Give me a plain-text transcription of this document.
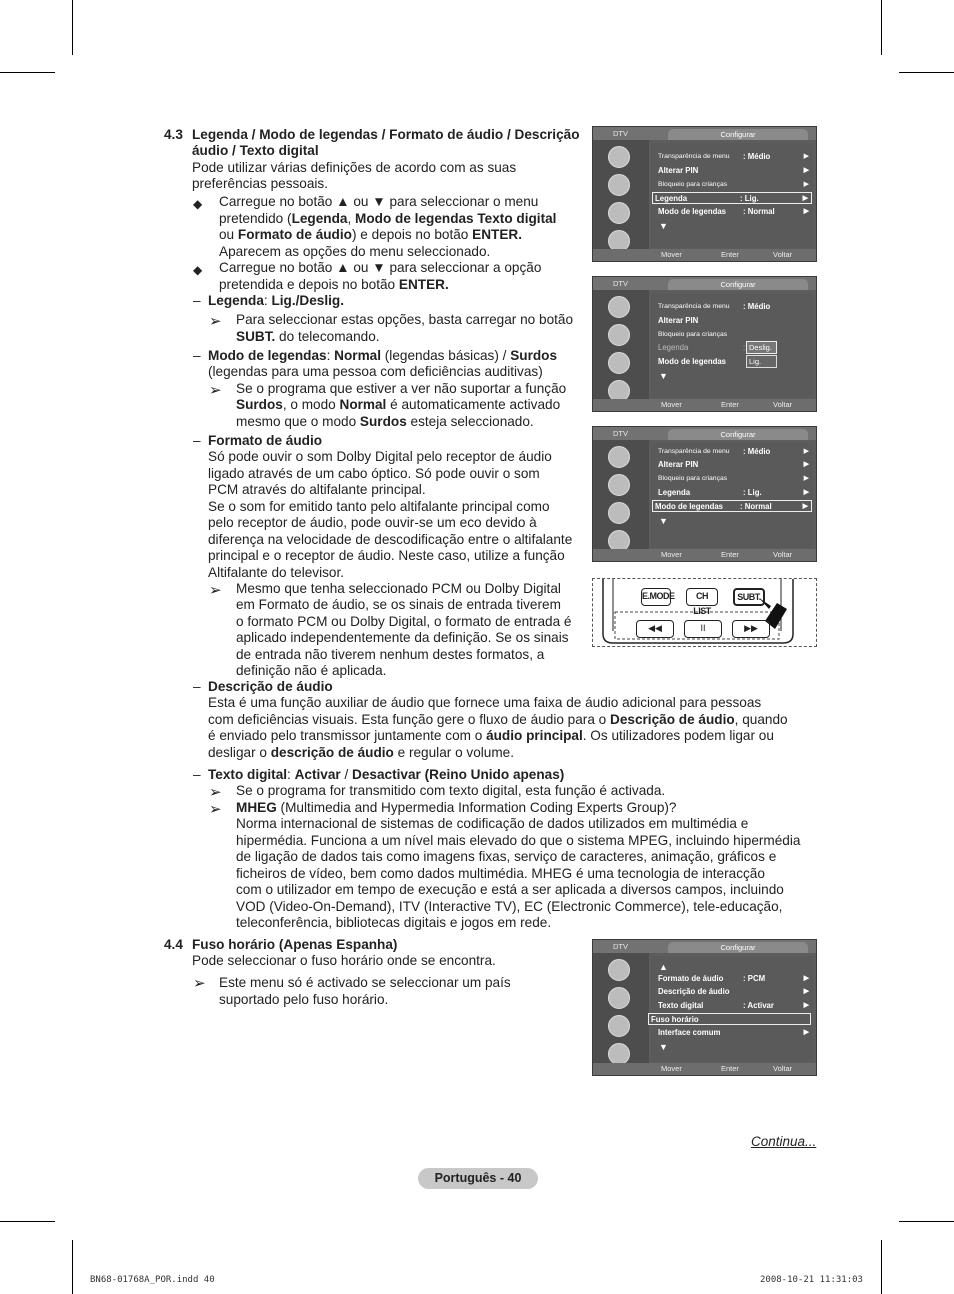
4.3 Legenda / Modo de legendas / Formato de áudio / Descrição
áudio / Texto digital
Pode utilizar várias definições de acordo com as suas
preferências pessoais.
◆ Carregue no botão ▲ ou ▼ para seleccionar o menu
pretendido (Legenda, Modo de legendas Texto digital
ou Formato de áudio) e depois no botão ENTER.
Aparecem as opções do menu seleccionado.
◆ Carregue no botão ▲ ou ▼ para seleccionar a opção
pretendida e depois no botão ENTER.
– Legenda: Lig./Deslig.
➢ Para seleccionar estas opções, basta carregar no botão
SUBT. do telecomando.
– Modo de legendas: Normal (legendas básicas) / Surdos
(legendas para uma pessoa com deficiências auditivas)
➢ Se o programa que estiver a ver não suportar a função
Surdos, o modo Normal é automaticamente activado
mesmo que o modo Surdos esteja seleccionado.
– Formato de áudio
Só pode ouvir o som Dolby Digital pelo receptor de áudio
ligado através de um cabo óptico. Só pode ouvir o som
PCM através do altifalante principal.
Se o som for emitido tanto pelo altifalante principal como
pelo receptor de áudio, pode ouvir-se um eco devido à
diferença na velocidade de descodificação entre o altifalante
principal e o receptor de áudio. Neste caso, utilize a função
Altifalante do televisor.
➢ Mesmo que tenha seleccionado PCM ou Dolby Digital
em Formato de áudio, se os sinais de entrada tiverem
o formato PCM ou Dolby Digital, o formato de entrada é
aplicado independentemente da definição. Se os sinais
de entrada não tiverem nenhum destes formatos, a
definição não é aplicada.
– Descrição de áudio
Esta é uma função auxiliar de áudio que fornece uma faixa de áudio adicional para pessoas
com deficiências visuais. Esta função gere o fluxo de áudio para o Descrição de áudio, quando
é enviado pelo transmissor juntamente com o áudio principal. Os utilizadores podem ligar ou
desligar o descrição de áudio e regular o volume.
– Texto digital: Activar / Desactivar (Reino Unido apenas)
➢ Se o programa for transmitido com texto digital, esta função é activada.
➢ MHEG (Multimedia and Hypermedia Information Coding Experts Group)?
Norma internacional de sistemas de codificação de dados utilizados em multimédia e
hipermédia. Funciona a um nível mais elevado do que o sistema MPEG, incluindo hipermédia
de ligação de dados tais como imagens fixas, serviço de caracteres, animação, gráficos e
ficheiros de vídeo, bem como dados multimédia. MHEG é uma tecnologia de interacção
com o utilizador em tempo de execução e está a ser aplicada a diversos campos, incluindo
VOD (Video-On-Demand), ITV (Interactive TV), EC (Electronic Commerce), tele-educação,
teleconferência, bibliotecas digitais e jogos em rede.
4.4 Fuso horário (Apenas Espanha)
Pode seleccionar o fuso horário onde se encontra.
➢ Este menu só é activado se seleccionar um país
suportado pelo fuso horário.
DTV	Configurar
Transparência de menu : Médio	▶
Alterar PIN	▶
Bloqueio para crianças	▶
Legenda	: Lig.	▶
Modo de legendas : Normal	▶
▼
Mover	Enter	Voltar
DTV	Configurar
Transparência de menu : Médio
Alterar PIN
Bloqueio para crianças
Legenda	:
Modo de legendas
Deslig.
Lig.
▼
Mover	Enter	Voltar
DTV	Configurar
Transparência de menu : Médio	▶
Alterar PIN	▶
Bloqueio para crianças	▶
Legenda	: Lig.	▶
Modo de legendas : Normal	▶
▼
Mover	Enter	Voltar
E.MODE	CH LIST
SUBT.
◀◀	II	▶▶
DTV	Configurar
▲
Formato de áudio	: PCM	▶
Descrição de áudio	▶
Texto digital	: Activar	▶
Fuso horário
Interface comum	▶
▼
Mover	Enter	Voltar
Continua...
Português - 40
BN68-01768A_POR.indd 40	2008-10-21 11:31:03
